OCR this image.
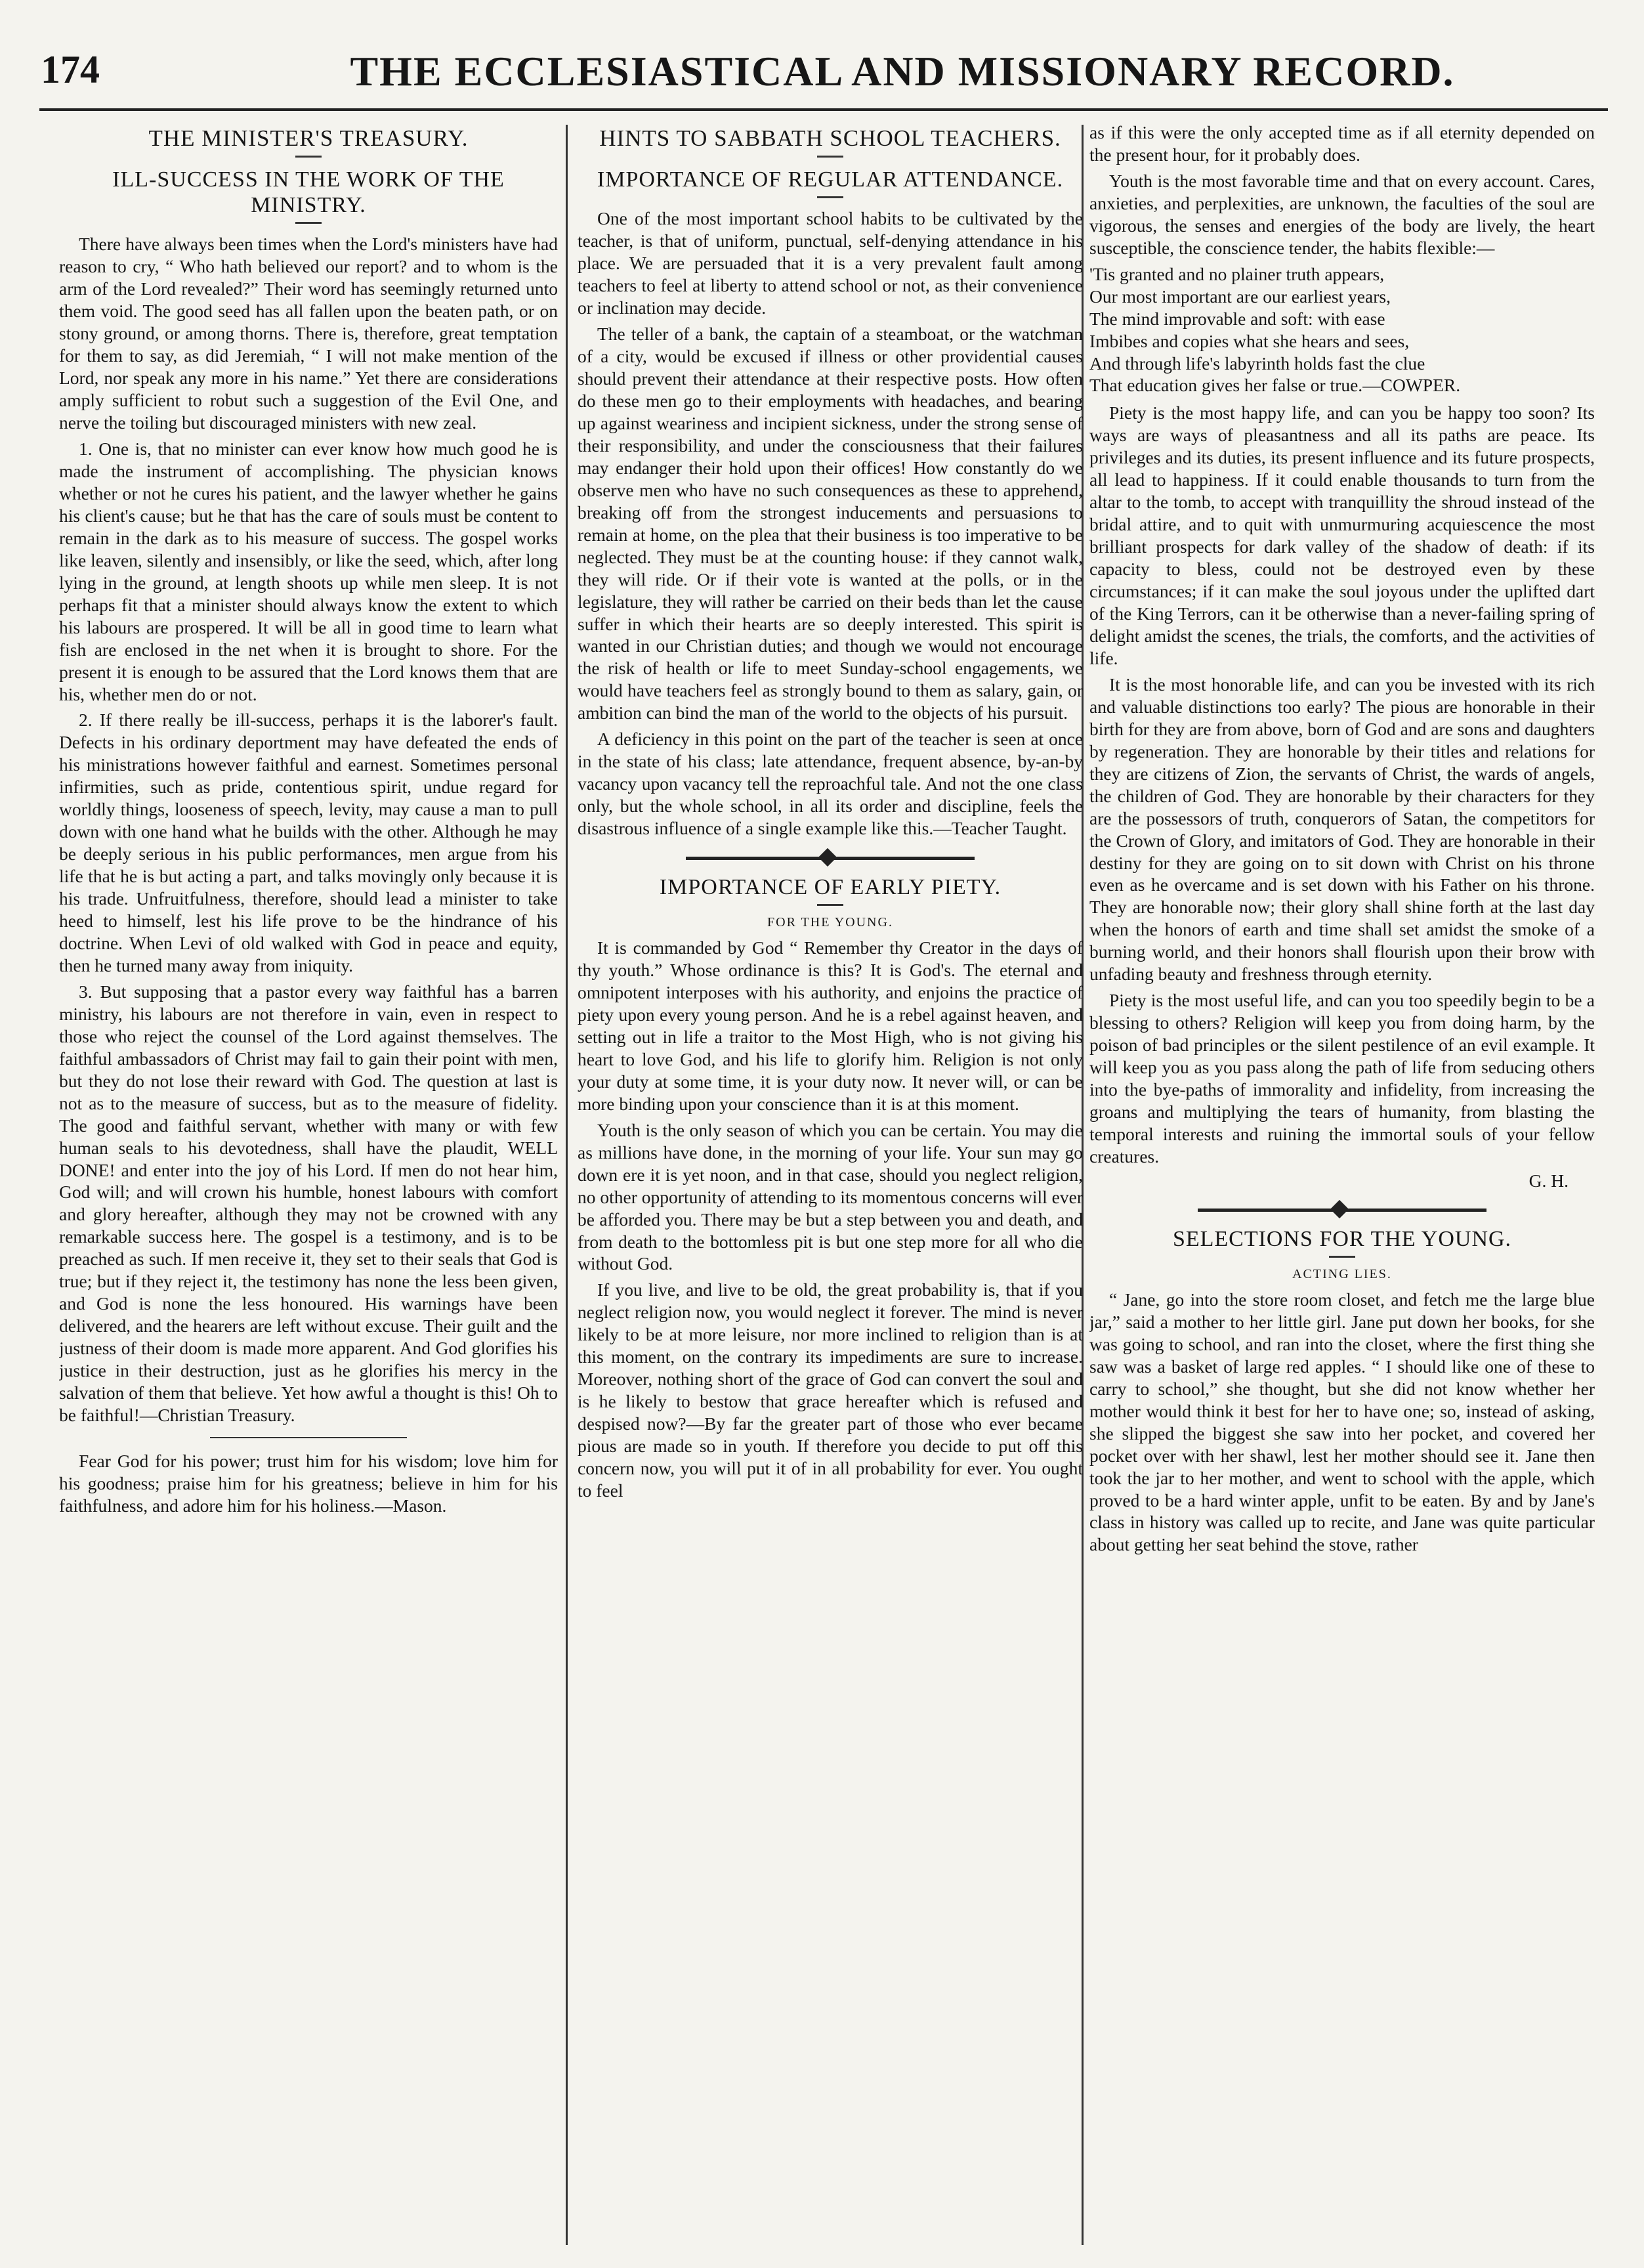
174	THE ECCLESIASTICAL AND MISSIONARY RECORD.
THE MINISTER'S TREASURY.
ILL-SUCCESS IN THE WORK OF THE MINISTRY.

There have always been times when the Lord's ministers have had reason to cry, “ Who hath believed our report? and to whom is the arm of the Lord revealed?” Their word has seemingly returned unto them void. The good seed has all fallen upon the beaten path, or on stony ground, or among thorns. There is, therefore, great temptation for them to say, as did Jeremiah, “ I will not make mention of the Lord, nor speak any more in his name.” Yet there are considerations amply sufficient to robut such a suggestion of the Evil One, and nerve the toiling but discouraged ministers with new zeal.

1. One is, that no minister can ever know how much good he is made the instrument of accomplishing. The physician knows whether or not he cures his patient, and the lawyer whether he gains his client's cause; but he that has the care of souls must be content to remain in the dark as to his measure of success. The gospel works like leaven, silently and insensibly, or like the seed, which, after long lying in the ground, at length shoots up while men sleep. It is not perhaps fit that a minister should always know the extent to which his labours are prospered. It will be all in good time to learn what fish are enclosed in the net when it is brought to shore. For the present it is enough to be assured that the Lord knows them that are his, whether men do or not.

2. If there really be ill-success, perhaps it is the laborer's fault. Defects in his ordinary deportment may have defeated the ends of his ministrations however faithful and earnest. Sometimes personal infirmities, such as pride, contentious spirit, undue regard for worldly things, looseness of speech, levity, may cause a man to pull down with one hand what he builds with the other. Although he may be deeply serious in his public performances, men argue from his life that he is but acting a part, and talks movingly only because it is his trade. Unfruitfulness, therefore, should lead a minister to take heed to himself, lest his life prove to be the hindrance of his doctrine. When Levi of old walked with God in peace and equity, then he turned many away from iniquity.

3. But supposing that a pastor every way faithful has a barren ministry, his labours are not therefore in vain, even in respect to those who reject the counsel of the Lord against themselves. The faithful ambassadors of Christ may fail to gain their point with men, but they do not lose their reward with God. The question at last is not as to the measure of success, but as to the measure of fidelity. The good and faithful servant, whether with many or with few human seals to his devotedness, shall have the plaudit, WELL DONE! and enter into the joy of his Lord. If men do not hear him, God will; and will crown his humble, honest labours with comfort and glory hereafter, although they may not be crowned with any remarkable success here. The gospel is a testimony, and is to be preached as such. If men receive it, they set to their seals that God is true; but if they reject it, the testimony has none the less been given, and God is none the less honoured. His warnings have been delivered, and the hearers are left without excuse. Their guilt and the justness of their doom is made more apparent. And God glorifies his justice in their destruction, just as he glorifies his mercy in the salvation of them that believe. Yet how awful a thought is this! Oh to be faithful!—Christian Treasury.

Fear God for his power; trust him for his wisdom; love him for his goodness; praise him for his greatness; believe in him for his faithfulness, and adore him for his holiness.—Mason.

HINTS TO SABBATH SCHOOL TEACHERS.
IMPORTANCE OF REGULAR ATTENDANCE.

One of the most important school habits to be cultivated by the teacher, is that of uniform, punctual, self-denying attendance in his place. We are persuaded that it is a very prevalent fault among teachers to feel at liberty to attend school or not, as their convenience or inclination may decide.

The teller of a bank, the captain of a steamboat, or the watchman of a city, would be excused if illness or other providential causes should prevent their attendance at their respective posts. How often do these men go to their employments with headaches, and bearing up against weariness and incipient sickness, under the strong sense of their responsibility, and under the consciousness that their failures may endanger their hold upon their offices! How constantly do we observe men who have no such consequences as these to apprehend, breaking off from the strongest inducements and persuasions to remain at home, on the plea that their business is too imperative to be neglected. They must be at the counting house: if they cannot walk, they will ride. Or if their vote is wanted at the polls, or in the legislature, they will rather be carried on their beds than let the cause suffer in which their hearts are so deeply interested. This spirit is wanted in our Christian duties; and though we would not encourage the risk of health or life to meet Sunday-school engagements, we would have teachers feel as strongly bound to them as salary, gain, or ambition can bind the man of the world to the objects of his pursuit.

A deficiency in this point on the part of the teacher is seen at once in the state of his class; late attendance, frequent absence, by-an-by vacancy upon vacancy tell the reproachful tale. And not the one class only, but the whole school, in all its order and discipline, feels the disastrous influence of a single example like this.—Teacher Taught.

IMPORTANCE OF EARLY PIETY.
FOR THE YOUNG.

It is commanded by God “ Remember thy Creator in the days of thy youth.” Whose ordinance is this? It is God's. The eternal and omnipotent interposes with his authority, and enjoins the practice of piety upon every young person. And he is a rebel against heaven, and setting out in life a traitor to the Most High, who is not giving his heart to love God, and his life to glorify him. Religion is not only your duty at some time, it is your duty now. It never will, or can be more binding upon your conscience than it is at this moment.

Youth is the only season of which you can be certain. You may die as millions have done, in the morning of your life. Your sun may go down ere it is yet noon, and in that case, should you neglect religion, no other opportunity of attending to its momentous concerns will ever be afforded you. There may be but a step between you and death, and from death to the bottomless pit is but one step more for all who die without God.

If you live, and live to be old, the great probability is, that if you neglect religion now, you would neglect it forever. The mind is never likely to be at more leisure, nor more inclined to religion than is at this moment, on the contrary its impediments are sure to increase. Moreover, nothing short of the grace of God can convert the soul and is he likely to bestow that grace hereafter which is refused and despised now?—By far the greater part of those who ever became pious are made so in youth. If therefore you decide to put off this concern now, you will put it of in all probability for ever. You ought to feel

as if this were the only accepted time as if all eternity depended on the present hour, for it probably does.

Youth is the most favorable time and that on every account. Cares, anxieties, and perplexities, are unknown, the faculties of the soul are vigorous, the senses and energies of the body are lively, the heart susceptible, the conscience tender, the habits flexible:—

'Tis granted and no plainer truth appears,
Our most important are our earliest years,
The mind improvable and soft: with ease
Imbibes and copies what she hears and sees,
And through life's labyrinth holds fast the clue
That education gives her false or true.—COWPER.

Piety is the most happy life, and can you be happy too soon? Its ways are ways of pleasantness and all its paths are peace. Its privileges and its duties, its present influence and its future prospects, all lead to happiness. If it could enable thousands to turn from the altar to the tomb, to accept with tranquillity the shroud instead of the bridal attire, and to quit with unmurmuring acquiescence the most brilliant prospects for dark valley of the shadow of death: if its capacity to bless, could not be destroyed even by these circumstances; if it can make the soul joyous under the uplifted dart of the King Terrors, can it be otherwise than a never-failing spring of delight amidst the scenes, the trials, the comforts, and the activities of life.

It is the most honorable life, and can you be invested with its rich and valuable distinctions too early? The pious are honorable in their birth for they are from above, born of God and are sons and daughters by regeneration. They are honorable by their titles and relations for they are citizens of Zion, the servants of Christ, the wards of angels, the children of God. They are honorable by their characters for they are the possessors of truth, conquerors of Satan, the competitors for the Crown of Glory, and imitators of God. They are honorable in their destiny for they are going on to sit down with Christ on his throne even as he overcame and is set down with his Father on his throne. They are honorable now; their glory shall shine forth at the last day when the honors of earth and time shall set amidst the smoke of a burning world, and their honors shall flourish upon their brow with unfading beauty and freshness through eternity.

Piety is the most useful life, and can you too speedily begin to be a blessing to others? Religion will keep you from doing harm, by the poison of bad principles or the silent pestilence of an evil example. It will keep you as you pass along the path of life from seducing others into the bye-paths of immorality and infidelity, from increasing the groans and multiplying the tears of humanity, from blasting the temporal interests and ruining the immortal souls of your fellow creatures.

G. H.
SELECTIONS FOR THE YOUNG.
ACTING LIES.

“ Jane, go into the store room closet, and fetch me the large blue jar,” said a mother to her little girl. Jane put down her books, for she was going to school, and ran into the closet, where the first thing she saw was a basket of large red apples. “ I should like one of these to carry to school,” she thought, but she did not know whether her mother would think it best for her to have one; so, instead of asking, she slipped the biggest she saw into her pocket, and covered her pocket over with her shawl, lest her mother should see it. Jane then took the jar to her mother, and went to school with the apple, which proved to be a hard winter apple, unfit to be eaten. By and by Jane's class in history was called up to recite, and Jane was quite particular about getting her seat behind the stove, rather
